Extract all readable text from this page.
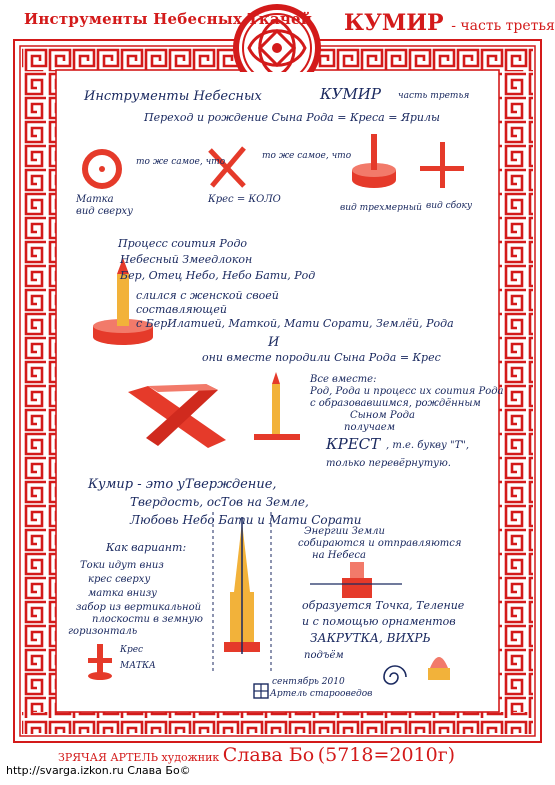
Инструменты Небесных Ткачей КУМИР - часть третья
Инструменты Небесных	КУМИР часть третья
Переход и рождение Сына Рода = Креса = Ярилы
Матка
вид сверху
то же самое, что
Крес = КОЛО
то же самое, что
вид трехмерный вид сбоку
Процесс соития Родо
Небесный Змеедлокон
Бер, Отец Небо, Небо Бати, Род
слился с женской своей
составляющей
с БерИлатией, Маткой, Мати Сорати, Землёй, Рода
И
они вместе породили Сына Рода = Крес
Все вместе:
Род, Рода и процесс их соития Рода
с образовавшимся, рождённым
Сыном Рода
получаем
КРЕСТ , т.е. букву "Т",
только перевёрнутую.
Кумир - это уТверждение,
Твердость, осТов на Земле,
Любовь Небо Бати и Мати Сорати
Как вариант:
Токи идут вниз
крес сверху
матка внизу
забор из вертикальной
плоскости в земную
горизонталь
Крес
МАТКА
Энергии Земли
собираются и отправляются
на Небеса
образуется Точка, Теление
и с помощью орнаментов
ЗАКРУТКА, ВИХРЬ
подъём
сентябрь 2010
Артель старооведов
ЗРЯЧАЯ АРТЕЛЬ художник Слава Бо (5718=2010г)
http://svarga.izkon.ru Слава Бо©
